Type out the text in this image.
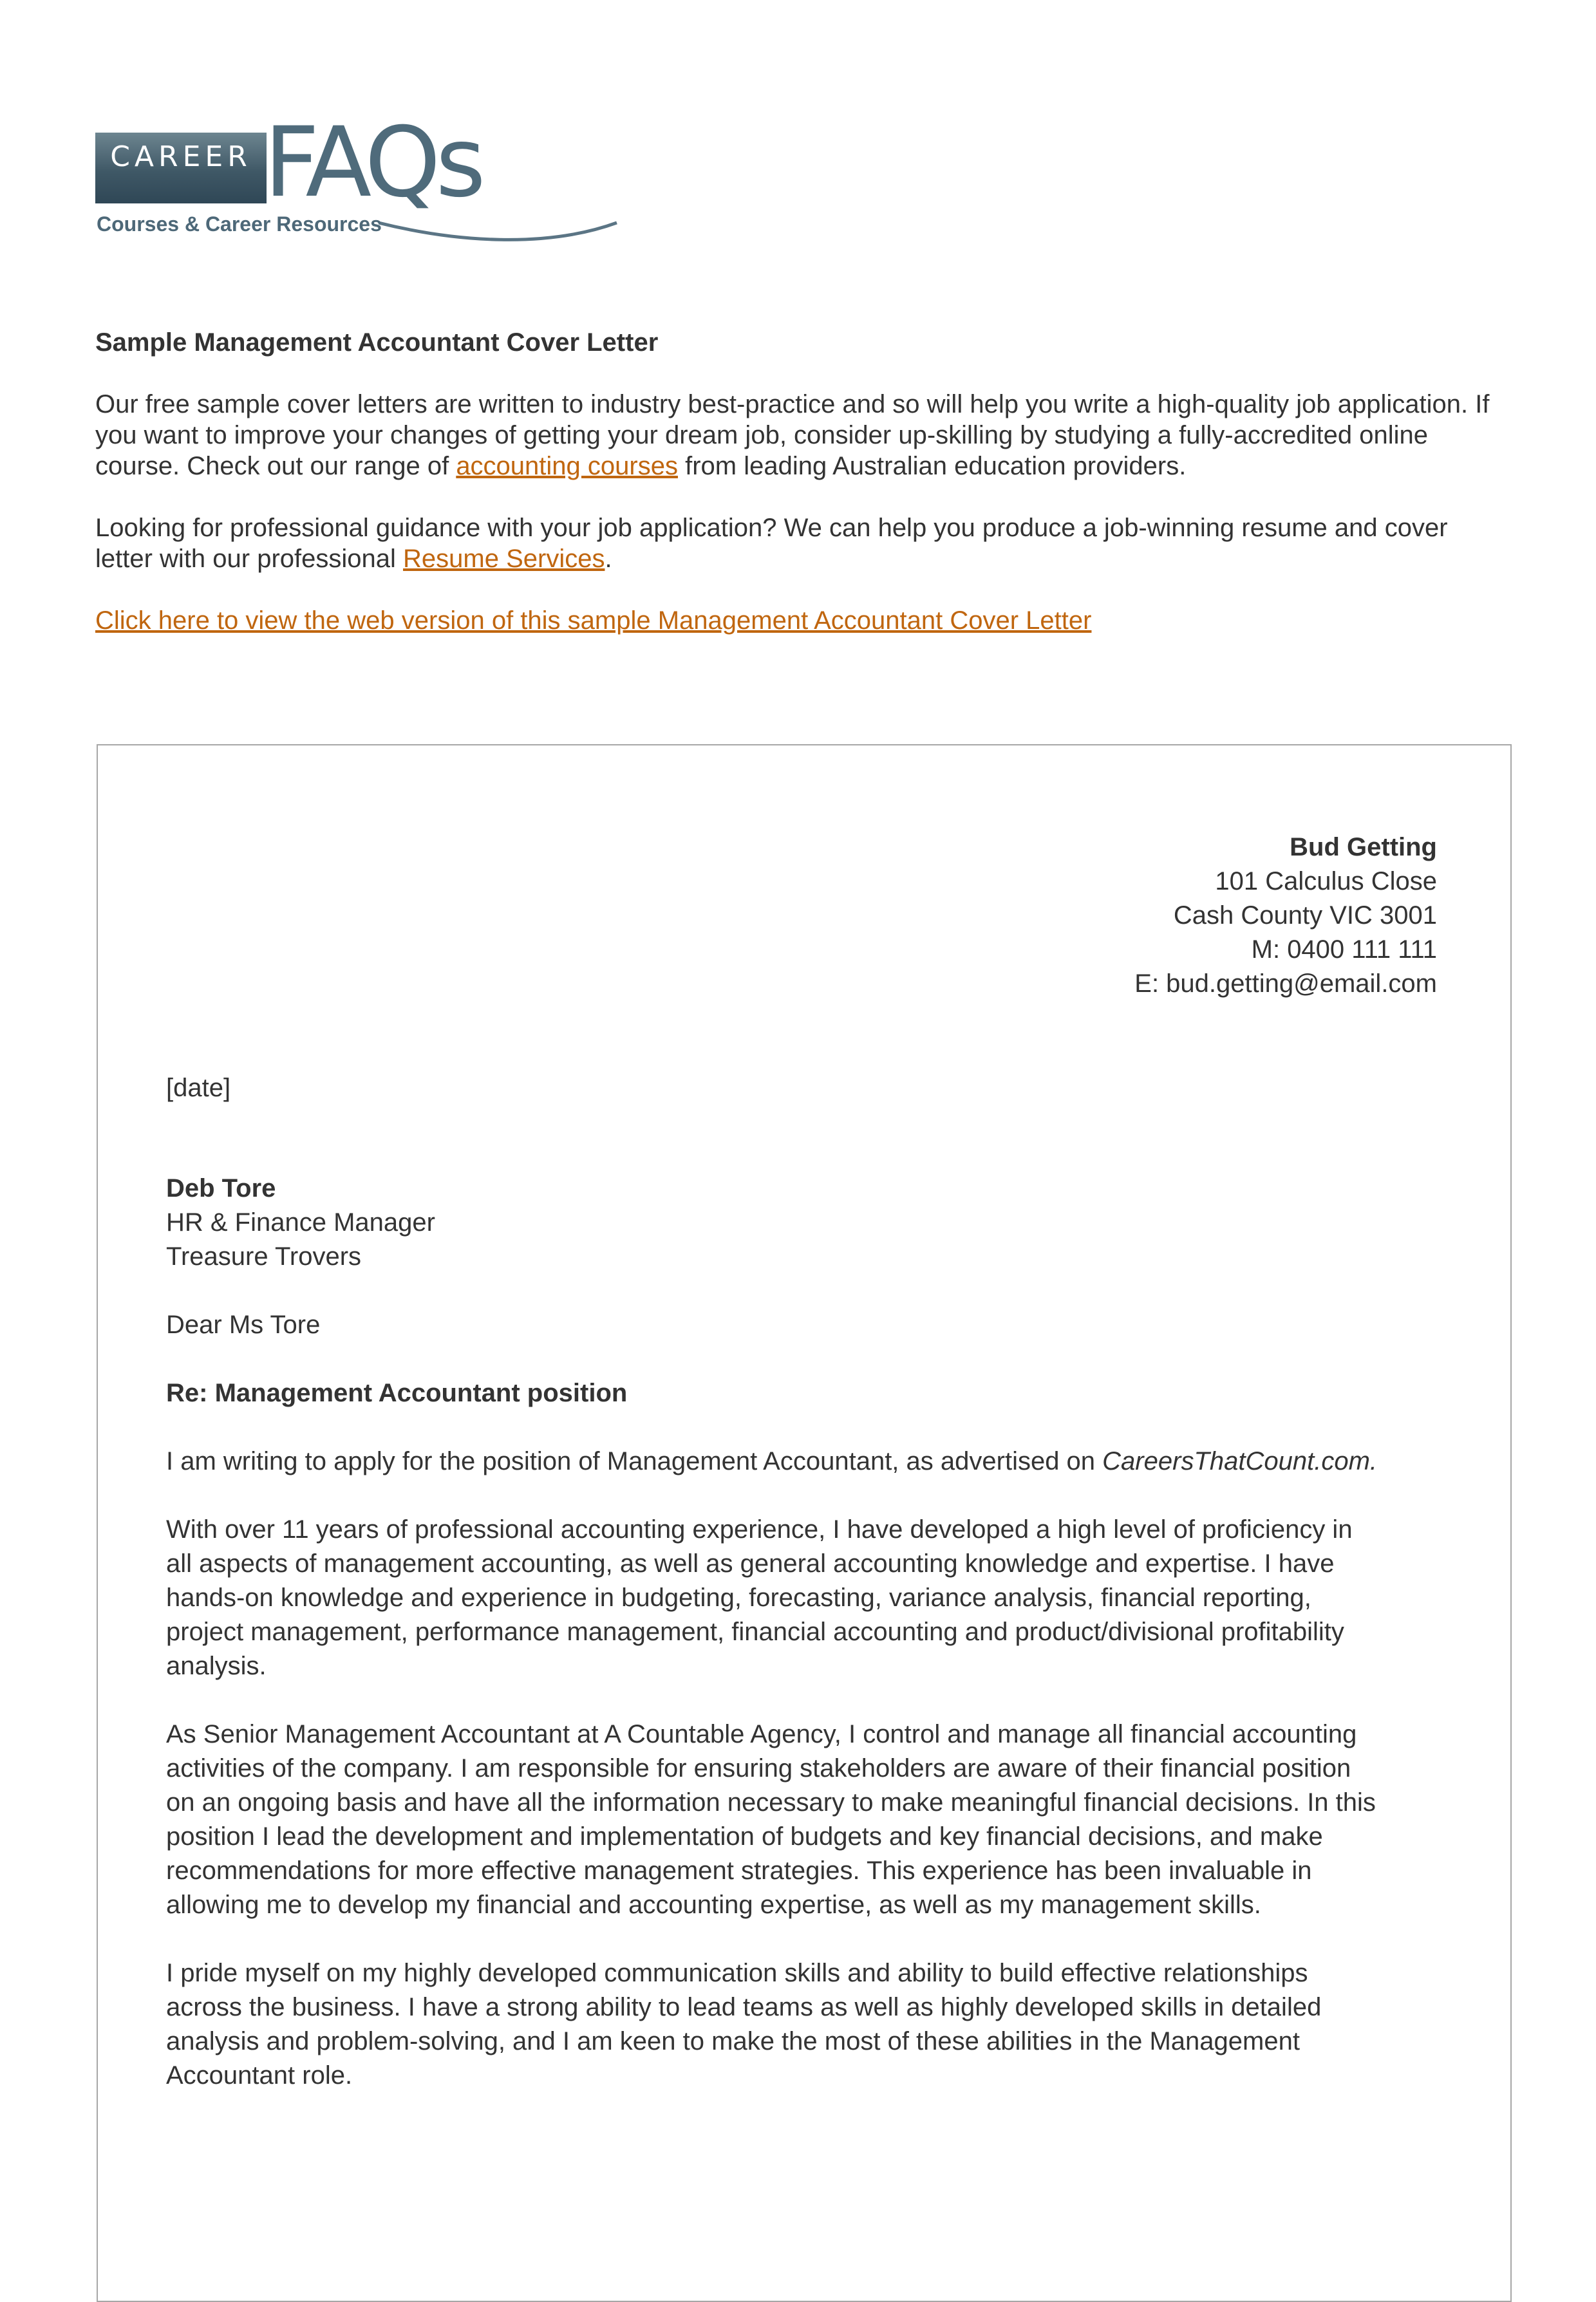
CAREER FAQs
Courses & Career Resources
Sample Management Accountant Cover Letter
Our free sample cover letters are written to industry best-practice and so will help you write a high-quality job application. If you want to improve your changes of getting your dream job, consider up-skilling by studying a fully-accredited online course. Check out our range of accounting courses from leading Australian education providers.
Looking for professional guidance with your job application? We can help you produce a job-winning resume and cover letter with our professional Resume Services.
Click here to view the web version of this sample Management Accountant Cover Letter
Bud Getting
101 Calculus Close
Cash County VIC 3001
M: 0400 111 111
E: bud.getting@email.com
[date]
Deb Tore
HR & Finance Manager
Treasure Trovers
Dear Ms Tore
Re: Management Accountant position
I am writing to apply for the position of Management Accountant, as advertised on CareersThatCount.com.
With over 11 years of professional accounting experience, I have developed a high level of proficiency in
all aspects of management accounting, as well as general accounting knowledge and expertise. I have
hands-on knowledge and experience in budgeting, forecasting, variance analysis, financial reporting,
project management, performance management, financial accounting and product/divisional profitability
analysis.
As Senior Management Accountant at A Countable Agency, I control and manage all financial accounting
activities of the company. I am responsible for ensuring stakeholders are aware of their financial position
on an ongoing basis and have all the information necessary to make meaningful financial decisions. In this
position I lead the development and implementation of budgets and key financial decisions, and make
recommendations for more effective management strategies. This experience has been invaluable in
allowing me to develop my financial and accounting expertise, as well as my management skills.
I pride myself on my highly developed communication skills and ability to build effective relationships
across the business. I have a strong ability to lead teams as well as highly developed skills in detailed
analysis and problem-solving, and I am keen to make the most of these abilities in the Management
Accountant role.
